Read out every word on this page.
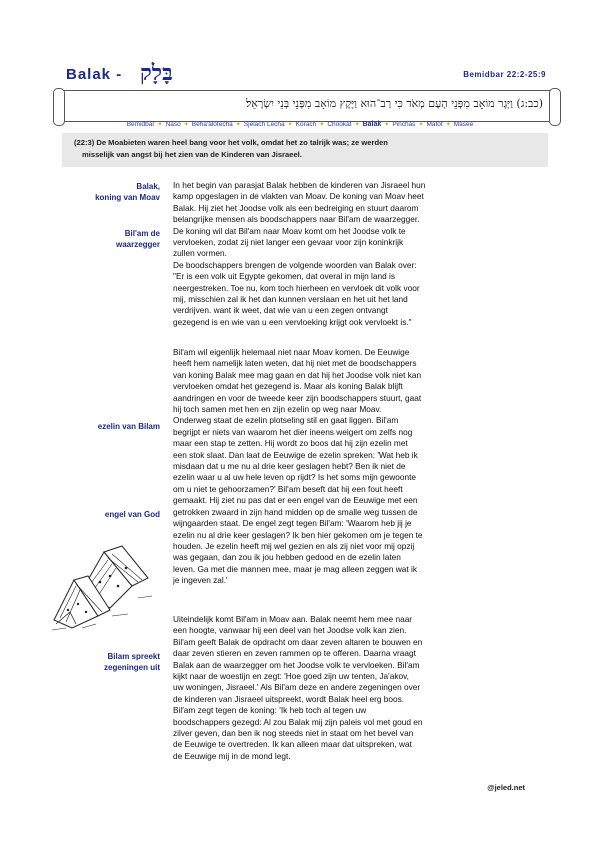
Balak - בָּלָק	Bemidbar 22:2-25:9
(כב:ג) וַיָּגָר מוֹאָב מִפְּנֵי הָעָם מְאֹד כִּי רַב־הוּא וַיָּקָץ מוֹאָב מִפְּנֵי בְּנֵי יִשְׂרָאֵל׃
Bemidbar ✦ Naso ✦ Beha'alotecha ✦ Sjelach Lecha ✦ Korach ✦ Chookat ✦ Balak ✦ Pinchas ✦ Matot ✦ Masee
(22:3) De Moabieten waren heel bang voor het volk, omdat het zo talrijk was; ze werden
misselijk van angst bij het zien van de Kinderen van Jisraeel.
Balak,
koning van Moav
Bil'am de
waarzegger
ezelin van Bilam
engel van God
Bilam spreekt
zegeningen uit
In het begin van parasjat Balak hebben de kinderen van Jisraeel hun
kamp opgeslagen in de vlakten van Moav. De koning van Moav heet
Balak. Hij ziet het Joodse volk als een bedreiging en stuurt daarom
belangrijke mensen als boodschappers naar Bil'am de waarzegger.
De koning wil dat Bil'am naar Moav komt om het Joodse volk te
vervloeken, zodat zij niet langer een gevaar voor zijn koninkrijk
zullen vormen.
De boodschappers brengen de volgende woorden van Balak over:
"Er is een volk uit Egypte gekomen, dat overal in mijn land is
neergestreken. Toe nu, kom toch hierheen en vervloek dit volk voor
mij, misschien zal ik het dan kunnen verslaan en het uit het land
verdrijven. want ik weet, dat wie van u een zegen ontvangt
gezegend is en wie van u een vervloeking krijgt ook vervloekt is."
Bil'am wil eigenlijk helemaal niet naar Moav komen. De Eeuwige
heeft hem namelijk laten weten, dat hij niet met de boodschappers
van koning Balak mee mag gaan en dat hij het Joodse volk niet kan
vervloeken omdat het gezegend is. Maar als koning Balak blijft
aandringen en voor de tweede keer zijn boodschappers stuurt, gaat
hij toch samen met hen en zijn ezelin op weg naar Moav.
Onderweg staat de ezelin plotseling stil en gaat liggen. Bil'am
begrijpt er niets van waarom het dier ineens weigert om zelfs nog
maar een stap te zetten. Hij wordt zo boos dat hij zijn ezelin met
een stok slaat. Dan laat de Eeuwige de ezelin spreken: 'Wat heb ik
misdaan dat u me nu al drie keer geslagen hebt? Ben ik niet de
ezelin waar u al uw hele leven op rijdt? Is het soms mijn gewoonte
om u niet te gehoorzamen?' Bil'am beseft dat hij een fout heeft
gemaakt. Hij ziet nu pas dat er een engel van de Eeuwige met een
getrokken zwaard in zijn hand midden op de smalle weg tussen de
wijngaarden staat. De engel zegt tegen Bil'am: 'Waarom heb jij je
ezelin nu al drie keer geslagen? Ik ben hier gekomen om je tegen te
houden. Je ezelin heeft mij wel gezien en als zij niet voor mij opzij
was gegaan, dan zou ik jou hebben gedood en de ezelin laten
leven. Ga met die mannen mee, maar je mag alleen zeggen wat ik
je ingeven zal.'
Uiteindelijk komt Bil'am in Moav aan. Balak neemt hem mee naar
een hoogte, vanwaar hij een deel van het Joodse volk kan zien.
Bil'am geeft Balak de opdracht om daar zeven altaren te bouwen en
daar zeven stieren en zeven rammen op te offeren. Daarna vraagt
Balak aan de waarzegger om het Joodse volk te vervloeken. Bil'am
kijkt naar de woestijn en zegt: 'Hoe goed zijn uw tenten, Ja'akov,
uw woningen, Jisraeel.' Als Bil'am deze en andere zegeningen over
de kinderen van Jisraeel uitspreekt, wordt Balak heel erg boos.
Bil'am zegt tegen de koning: 'Ik heb toch al tegen uw
boodschappers gezegd: Al zou Balak mij zijn paleis vol met goud en
zilver geven, dan ben ik nog steeds niet in staat om het bevel van
de Eeuwige te overtreden. Ik kan alleen maar dat uitspreken, wat
de Eeuwige mij in de mond legt.
@jeled.net
